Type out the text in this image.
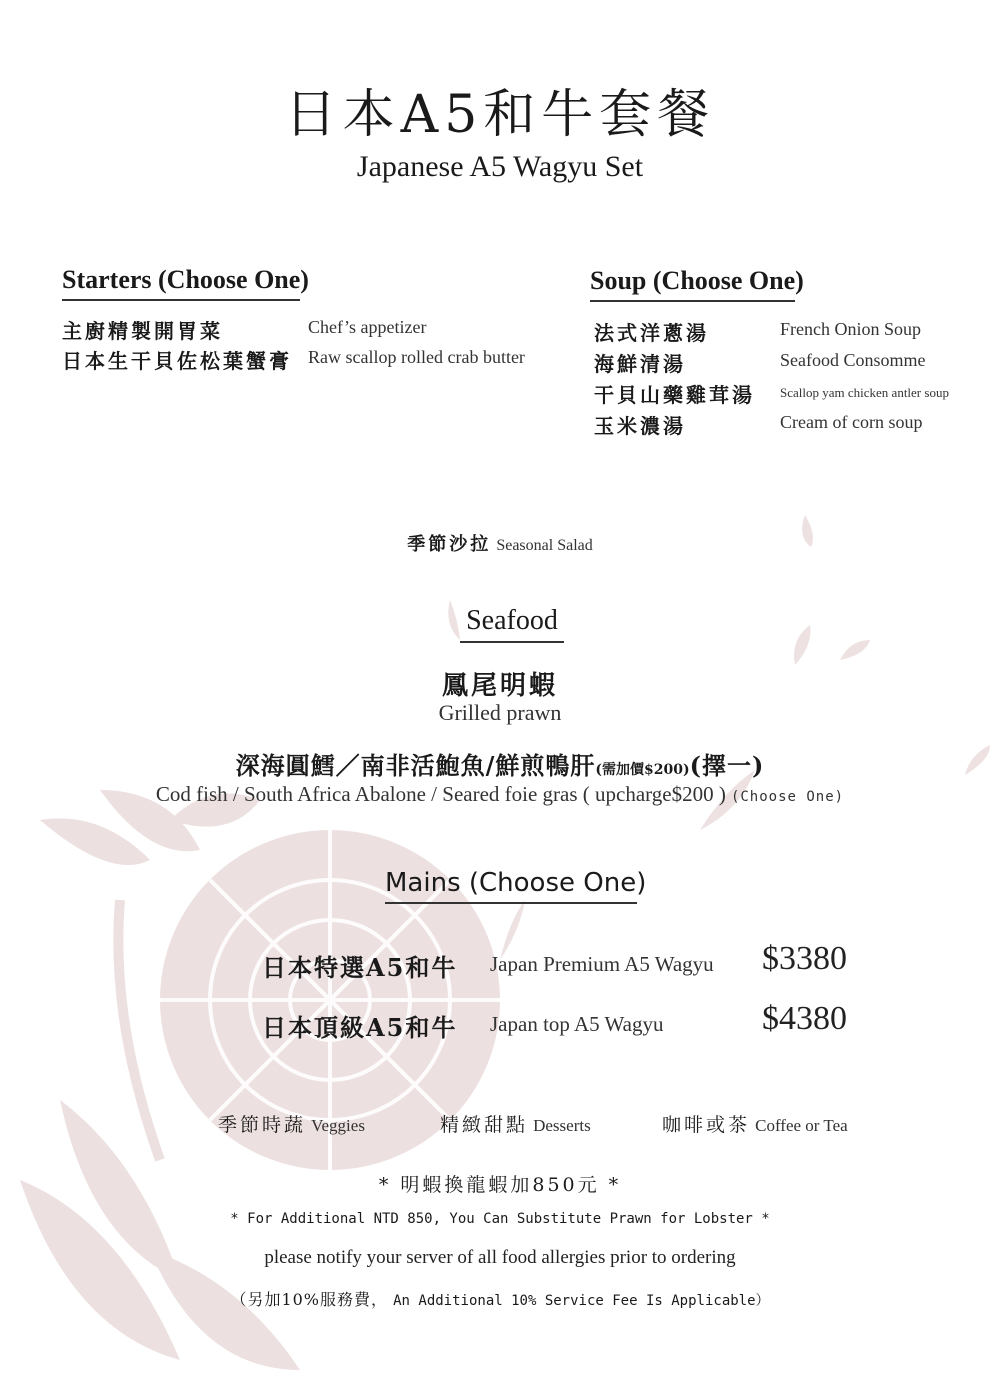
日本A5和牛套餐
Japanese A5 Wagyu Set
Starters (Choose One)
主廚精製開胃菜	Chef’s appetizer
日本生干貝佐松葉蟹膏 Raw scallop rolled crab butter
Soup (Choose One)
法式洋蔥湯	French Onion Soup
海鮮清湯	Seafood Consomme
干貝山藥雞茸湯 Scallop yam chicken antler soup
玉米濃湯	Cream of corn soup
季節沙拉 Seasonal Salad
Seafood
鳳尾明蝦
Grilled prawn
深海圓鱈／南非活鮑魚/鮮煎鴨肝(需加價$200)(擇一)
Cod fish / South Africa Abalone / Seared foie gras ( upcharge$200 ) (Choose One)
Mains (Choose One)
日本特選A5和牛 Japan Premium A5 Wagyu $3380
日本頂級A5和牛 Japan top A5 Wagyu	$4380
季節時蔬 Veggies	精緻甜點 Desserts	咖啡或茶 Coffee or Tea
* 明蝦換龍蝦加850元 *
* For Additional NTD 850, You Can Substitute Prawn for Lobster *
please notify your server of all food allergies prior to ordering
（另加10%服務費， An Additional 10% Service Fee Is Applicable）
